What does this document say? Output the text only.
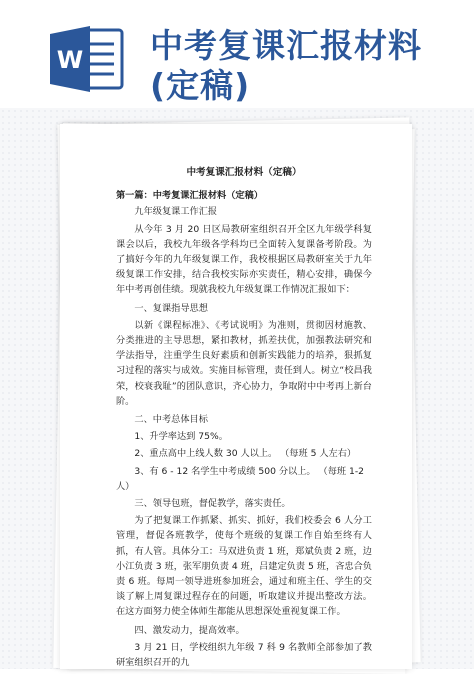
W 中考复课汇报材料(定稿)
中考复课汇报材料（定稿）
第一篇：中考复课汇报材料（定稿）
九年级复课工作汇报
从今年 3 月 20 日区局教研室组织召开全区九年级学科复课会以后，我校九年级各学科均已全面转入复课备考阶段。为了搞好今年的九年级复课工作，我校根据区局教研室关于九年级复课工作安排，结合我校实际亦实责任，精心安排，确保今年中考再创佳绩。现就我校九年级复课工作情况汇报如下：
一、复课指导思想
以新《课程标准》、《考试说明》为准则，贯彻因材施教、分类推进的主导思想，紧扣教材，抓差扶优，加强教法研究和学法指导，注重学生良好素质和创新实践能力的培养，狠抓复习过程的落实与成效。实施目标管理，责任到人。树立“校昌我荣，校衰我耻”的团队意识，齐心协力，争取附中中考再上新台阶。
二、中考总体目标
1、升学率达到 75%。
2、重点高中上线人数 30 人以上。 （每班 5 人左右）
3、有 6 - 12 名学生中考成绩 500 分以上。 （每班 1-2 人）
三、领导包班，督促教学，落实责任。
为了把复课工作抓紧、抓实、抓好，我们校委会 6 人分工管理，督促各班教学，使每个班级的复课工作自始至终有人抓，有人管。具体分工：马双进负责 1 班，郑斌负责 2 班，边小江负责 3 班，张军朋负责 4 班，吕建定负责 5 班，吝忠合负责 6 班。每周一领导进班参加班会，通过和班主任、学生的交谈了解上周复课过程存在的问题，听取建议并提出整改方法。在这方面努力使全体师生都能从思想深处重视复课工作。
四、激发动力，提高效率。
3 月 21 日，学校组织九年级 7 科 9 名教师全部参加了教研室组织召开的九
